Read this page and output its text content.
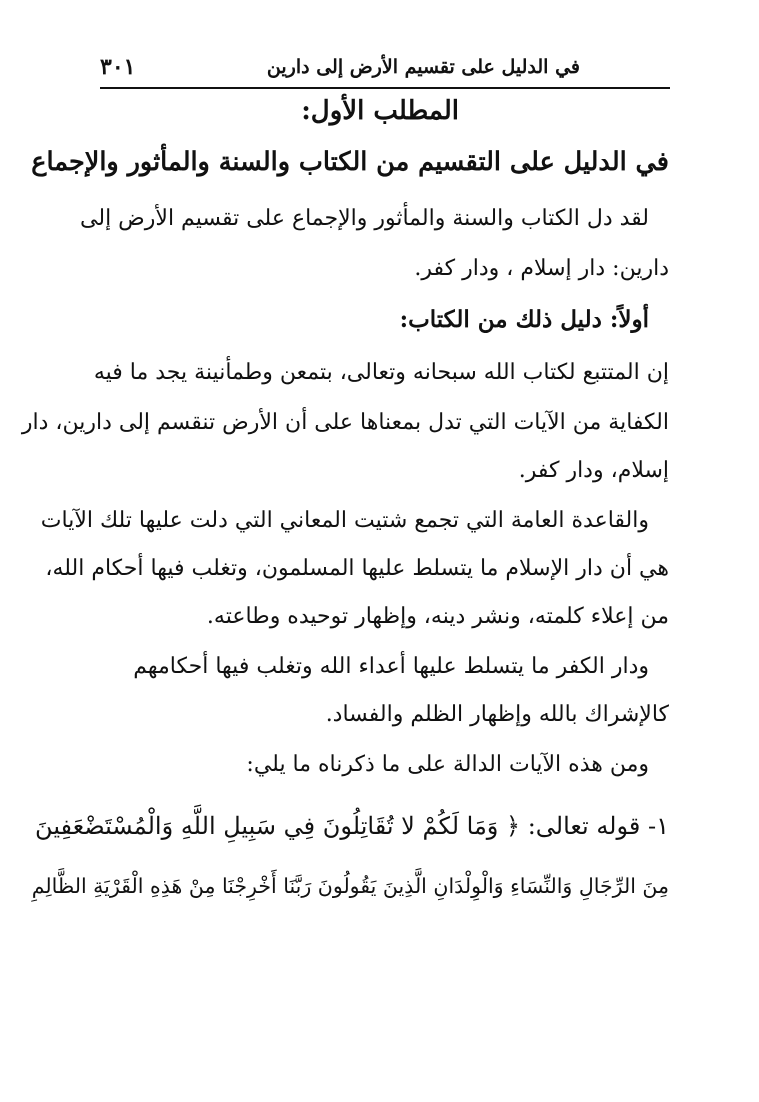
في الدليل على تقسيم الأرض إلى دارين
٣٠١
المطلب الأول:
في الدليل على التقسيم من الكتاب والسنة والمأثور والإجماع
لقد دل الكتاب والسنة والمأثور والإجماع على تقسيم الأرض إلى
دارين: دار إسلام ، ودار كفر.
أولاً: دليل ذلك من الكتاب:
إن المتتبع لكتاب الله سبحانه وتعالى، بتمعن وطمأنينة يجد ما فيه
الكفاية من الآيات التي تدل بمعناها على أن الأرض تنقسم إلى دارين، دار
إسلام، ودار كفر.
والقاعدة العامة التي تجمع شتيت المعاني التي دلت عليها تلك الآيات
هي أن دار الإسلام ما يتسلط عليها المسلمون، وتغلب فيها أحكام الله،
من إعلاء كلمته، ونشر دينه، وإظهار توحيده وطاعته.
ودار الكفر ما يتسلط عليها أعداء الله وتغلب فيها أحكامهم
كالإشراك بالله وإظهار الظلم والفساد.
ومن هذه الآيات الدالة على ما ذكرناه ما يلي:
١- قوله تعالى: ﴿ وَمَا لَكُمْ لا تُقَاتِلُونَ فِي سَبِيلِ اللَّهِ وَالْمُسْتَضْعَفِينَ
مِنَ الرِّجَالِ وَالنِّسَاءِ وَالْوِلْدَانِ الَّذِينَ يَقُولُونَ رَبَّنَا أَخْرِجْنَا مِنْ هَذِهِ الْقَرْيَةِ الظَّالِمِ
